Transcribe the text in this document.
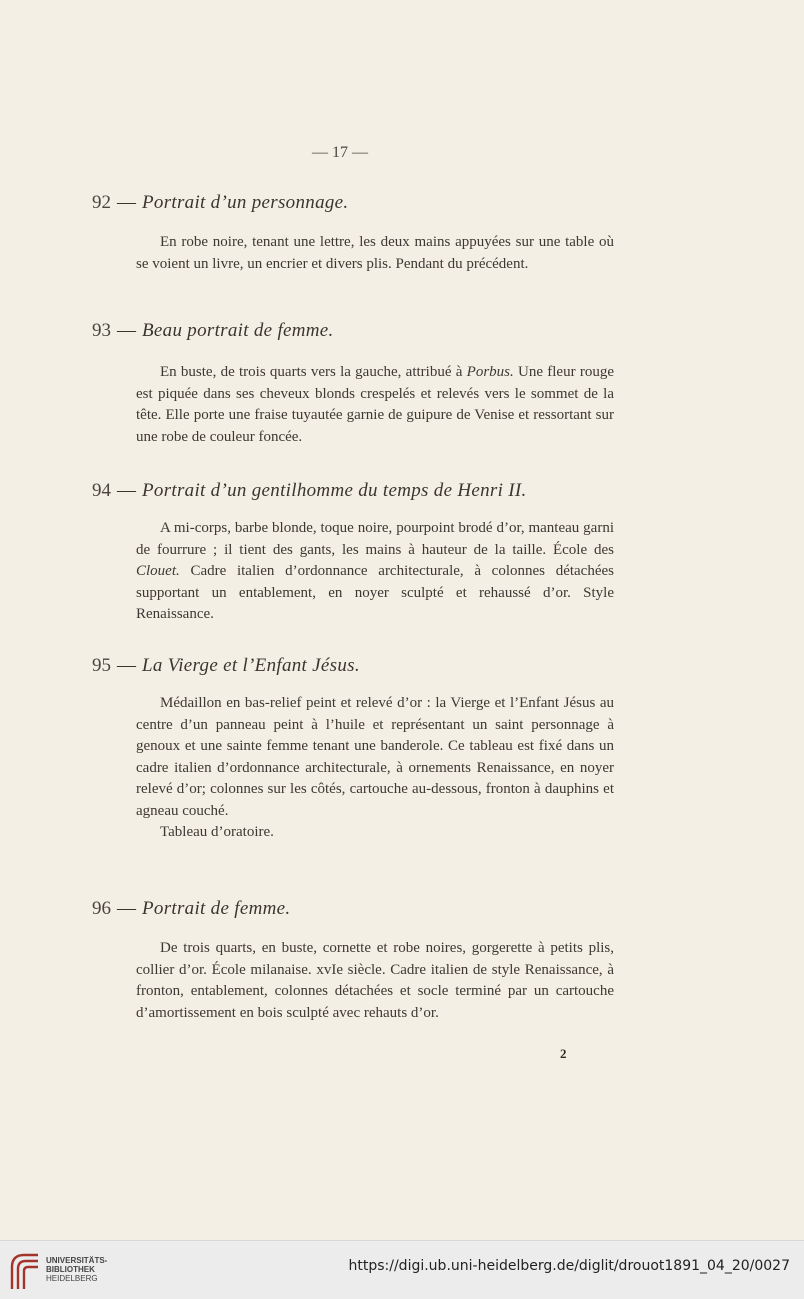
— 17 —
92 — Portrait d’un personnage.

En robe noire, tenant une lettre, les deux mains appuyées sur une table où se voient un livre, un encrier et divers plis. Pendant du précédent.

93 — Beau portrait de femme.

En buste, de trois quarts vers la gauche, attribué à Porbus. Une fleur rouge est piquée dans ses cheveux blonds crespelés et relevés vers le sommet de la tête. Elle porte une fraise tuyautée garnie de guipure de Venise et ressortant sur une robe de couleur foncée.

94 — Portrait d’un gentilhomme du temps de Henri II.

A mi-corps, barbe blonde, toque noire, pourpoint brodé d’or, manteau garni de fourrure ; il tient des gants, les mains à hauteur de la taille. École des Clouet. Cadre italien d’ordonnance architecturale, à colonnes détachées supportant un entablement, en noyer sculpté et rehaussé d’or. Style Renaissance.

95 — La Vierge et l’Enfant Jésus.

Médaillon en bas-relief peint et relevé d’or : la Vierge et l’Enfant Jésus au centre d’un panneau peint à l’huile et représentant un saint personnage à genoux et une sainte femme tenant une banderole. Ce tableau est fixé dans un cadre italien d’ordonnance architecturale, à ornements Renaissance, en noyer relevé d’or; colonnes sur les côtés, cartouche au-dessous, fronton à dauphins et agneau couché.

Tableau d’oratoire.

96 — Portrait de femme.

De trois quarts, en buste, cornette et robe noires, gorgerette à petits plis, collier d’or. École milanaise. xvIe siècle. Cadre italien de style Renaissance, à fronton, entablement, colonnes détachées et socle terminé par un cartouche d’amortissement en bois sculpté avec rehauts d’or.

2
UNIVERSITÄTS-
BIBLIOTHEK
HEIDELBERG
https://digi.ub.uni-heidelberg.de/diglit/drouot1891_04_20/0027
